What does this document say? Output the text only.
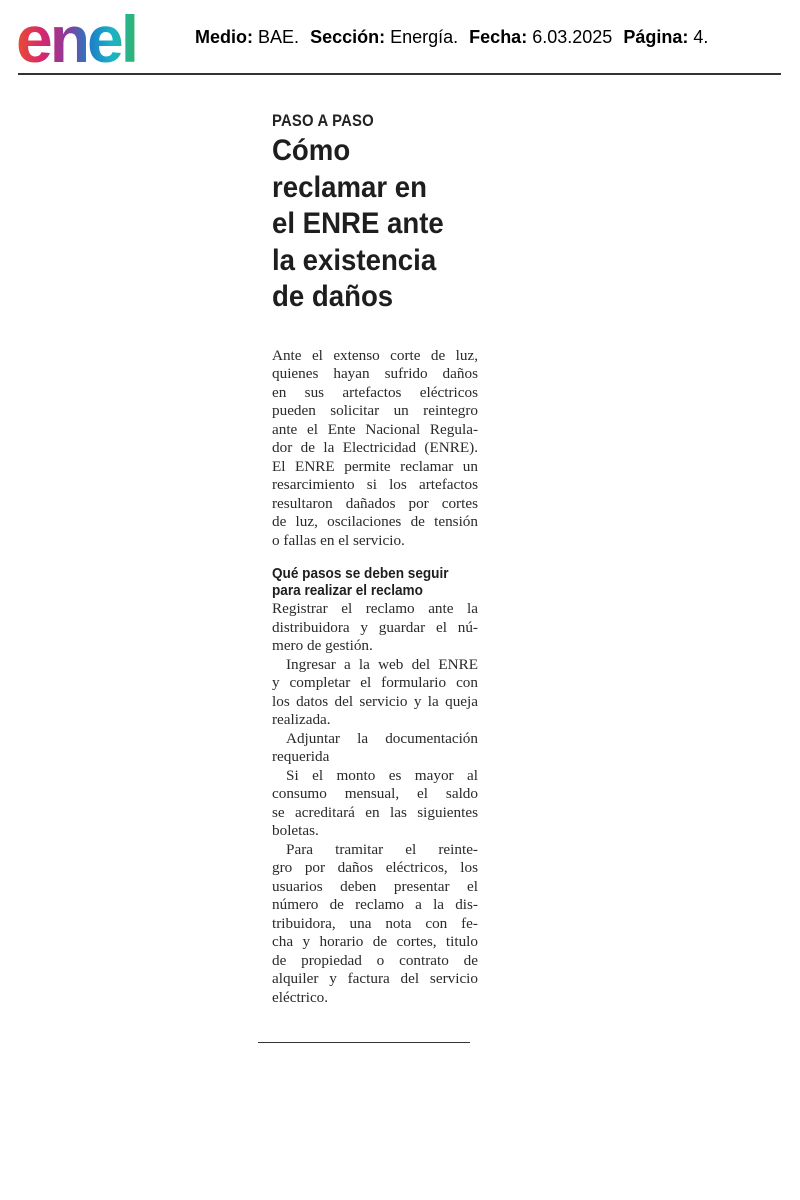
enel	Medio: BAE. Sección: Energía. Fecha: 6.03.2025 Página: 4.
PASO A PASO
Cómo
reclamar en
el ENRE ante
la existencia
de daños
Ante el extenso corte de luz,
quienes hayan sufrido daños
en sus artefactos eléctricos
pueden solicitar un reintegro
ante el Ente Nacional Regula-
dor de la Electricidad (ENRE).
El ENRE permite reclamar un
resarcimiento si los artefactos
resultaron dañados por cortes
de luz, oscilaciones de tensión
o fallas en el servicio.
Qué pasos se deben seguir
para realizar el reclamo
Registrar el reclamo ante la
distribuidora y guardar el nú-
mero de gestión.
Ingresar a la web del ENRE
y completar el formulario con
los datos del servicio y la queja
realizada.
Adjuntar la documentación
requerida
Si el monto es mayor al
consumo mensual, el saldo
se acreditará en las siguientes
boletas.
Para tramitar el reinte-
gro por daños eléctricos, los
usuarios deben presentar el
número de reclamo a la dis-
tribuidora, una nota con fe-
cha y horario de cortes, titulo
de propiedad o contrato de
alquiler y factura del servicio
eléctrico.
